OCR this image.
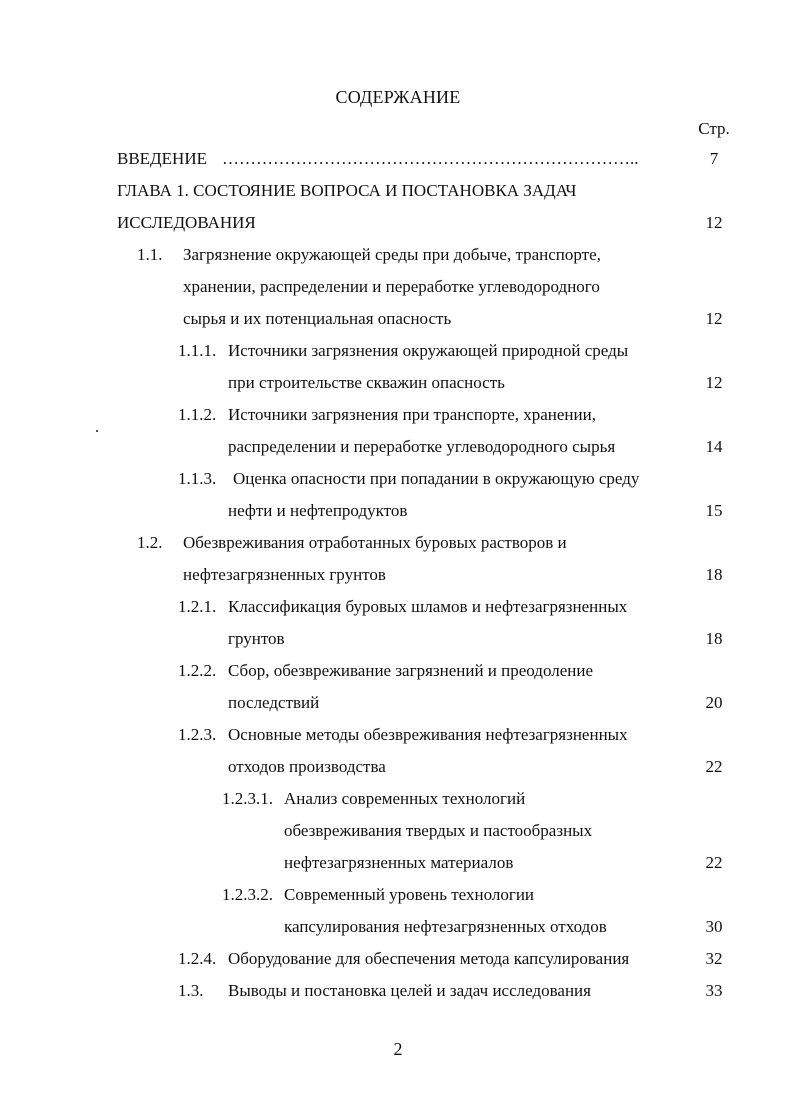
СОДЕРЖАНИЕ
Стр.
ВВЕДЕНИЕ ………………………………………………………………..	7
ГЛАВА 1. СОСТОЯНИЕ ВОПРОСА И ПОСТАНОВКА ЗАДАЧ
ИССЛЕДОВАНИЯ	12
1.1. Загрязнение окружающей среды при добыче, транспорте,
хранении, распределении и переработке углеводородного
сырья и их потенциальная опасность	12
1.1.1. Источники загрязнения окружающей природной среды
при строительстве скважин опасность	12
1.1.2. Источники загрязнения при транспорте, хранении,
распределении и переработке углеводородного сырья	14
1.1.3. Оценка опасности при попадании в окружающую среду
нефти и нефтепродуктов	15
1.2. Обезвреживания отработанных буровых растворов и
нефтезагрязненных грунтов	18
1.2.1. Классификация буровых шламов и нефтезагрязненных
грунтов	18
1.2.2. Сбор, обезвреживание загрязнений и преодоление
последствий	20
1.2.3. Основные методы обезвреживания нефтезагрязненных
отходов производства	22
1.2.3.1. Анализ современных технологий
обезвреживания твердых и пастообразных
нефтезагрязненных материалов	22
1.2.3.2. Современный уровень технологии
капсулирования нефтезагрязненных отходов	30
1.2.4. Оборудование для обеспечения метода капсулирования	32
1.3. Выводы и постановка целей и задач исследования	33
2
